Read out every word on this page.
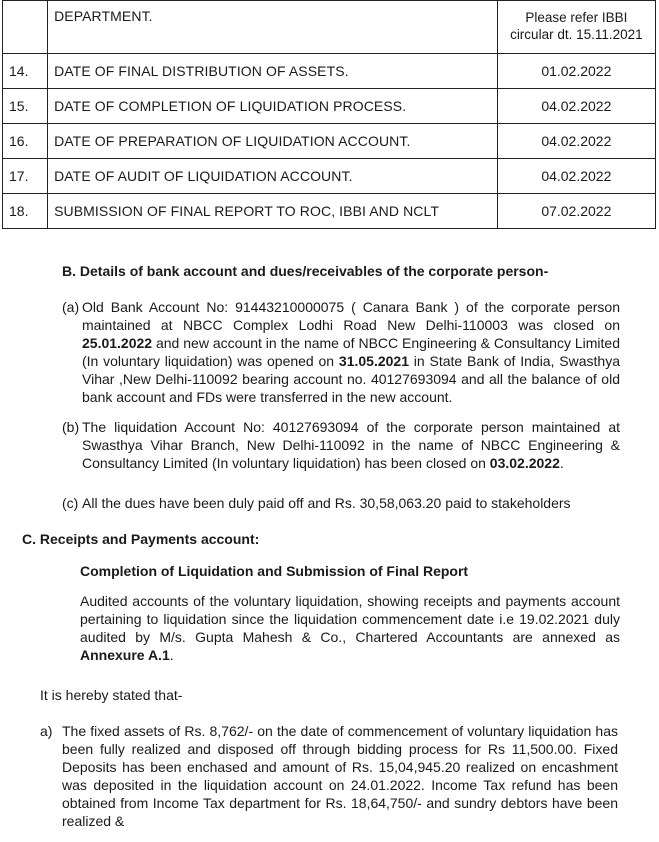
	DEPARTMENT.	Please refer IBBI
circular dt. 15.11.2021

14.	DATE OF FINAL DISTRIBUTION OF ASSETS.	01.02.2022
15.	DATE OF COMPLETION OF LIQUIDATION PROCESS.	04.02.2022
16.	DATE OF PREPARATION OF LIQUIDATION ACCOUNT.	04.02.2022
17.	DATE OF AUDIT OF LIQUIDATION ACCOUNT.	04.02.2022
18.	SUBMISSION OF FINAL REPORT TO ROC, IBBI AND NCLT	07.02.2022
B. Details of bank account and dues/receivables of the corporate person-
(a) Old Bank Account No: 91443210000075 ( Canara Bank ) of the corporate person maintained at NBCC Complex Lodhi Road New Delhi-110003 was closed on 25.01.2022 and new account in the name of NBCC Engineering & Consultancy Limited (In voluntary liquidation) was opened on 31.05.2021 in State Bank of India, Swasthya Vihar ,New Delhi-110092 bearing account no. 40127693094 and all the balance of old bank account and FDs were transferred in the new account.
(b) The liquidation Account No: 40127693094 of the corporate person maintained at Swasthya Vihar Branch, New Delhi-110092 in the name of NBCC Engineering & Consultancy Limited (In voluntary liquidation) has been closed on 03.02.2022.
(c) All the dues have been duly paid off and Rs. 30,58,063.20 paid to stakeholders
C. Receipts and Payments account:
Completion of Liquidation and Submission of Final Report
Audited accounts of the voluntary liquidation, showing receipts and payments account pertaining to liquidation since the liquidation commencement date i.e 19.02.2021 duly audited by M/s. Gupta Mahesh & Co., Chartered Accountants are annexed as Annexure A.1.
It is hereby stated that-
a) The fixed assets of Rs. 8,762/- on the date of commencement of voluntary liquidation has been fully realized and disposed off through bidding process for Rs 11,500.00. Fixed Deposits has been enchased and amount of Rs. 15,04,945.20 realized on encashment was deposited in the liquidation account on 24.01.2022. Income Tax refund has been obtained from Income Tax department for Rs. 18,64,750/- and sundry debtors have been realized &
